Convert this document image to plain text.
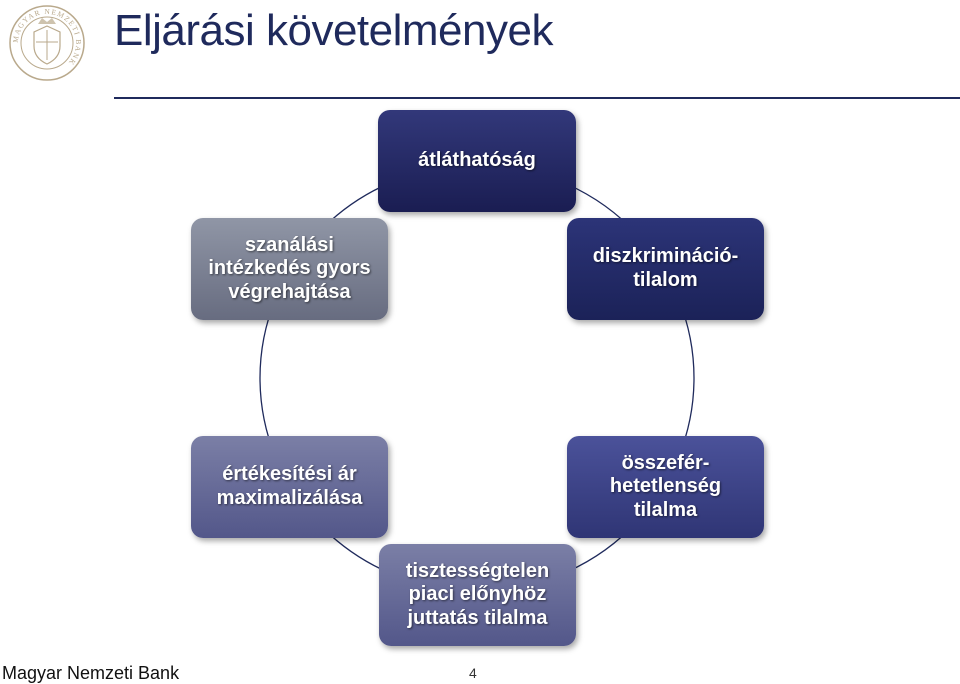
MAGYAR NEMZETI BANK
Eljárási követelmények
átláthatóság
diszkrimináció-
tilalom
összefér-
hetetlenség
tilalma
tisztességtelen
piaci előnyhöz
juttatás tilalma
értékesítési ár
maximalizálása
szanálási
intézkedés gyors
végrehajtása
Magyar Nemzeti Bank	4
